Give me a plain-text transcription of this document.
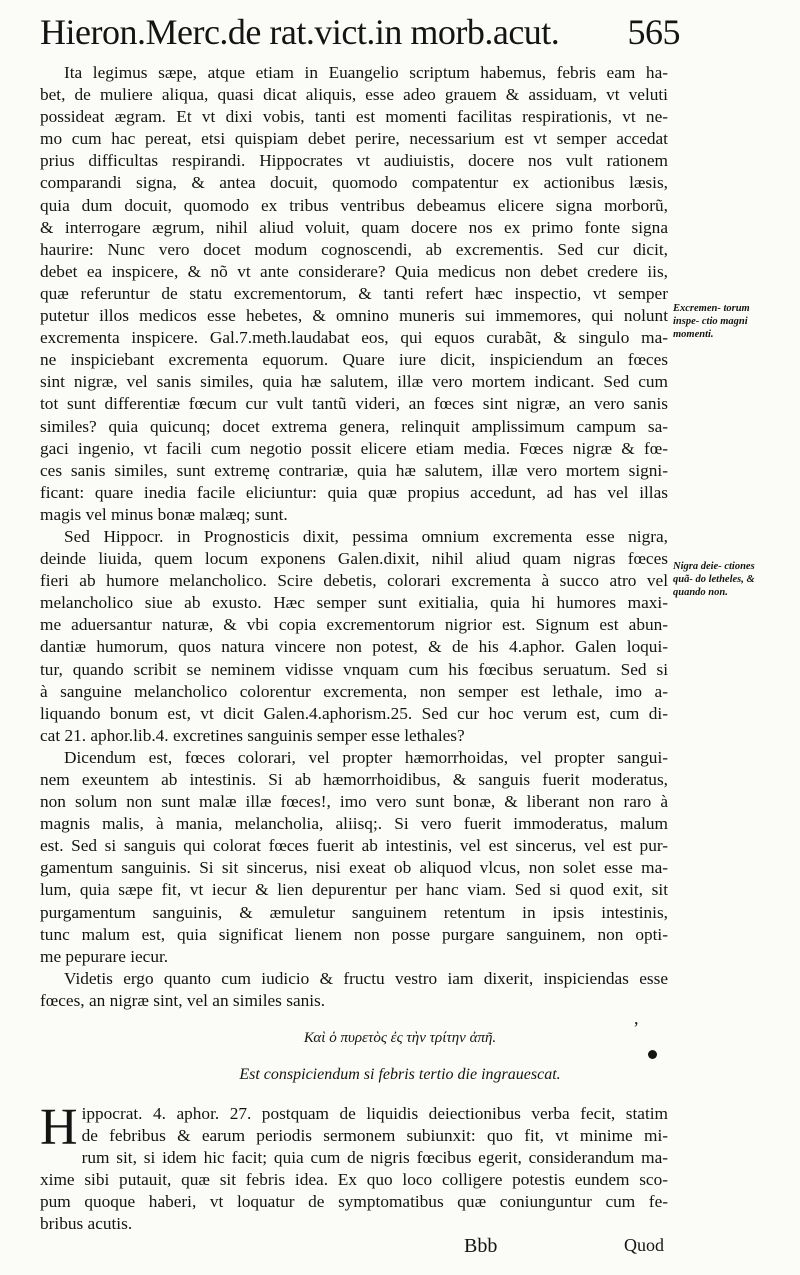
Hieron.Merc.de rat.vict.in morb.acut. 565
Ita legimus sæpe, atque etiam in Euangelio scriptum habemus, febris eam ha-
bet, de muliere aliqua, quasi dicat aliquis, esse adeo grauem & assiduam, vt veluti
possideat ægram. Et vt dixi vobis, tanti est momenti facilitas respirationis, vt ne-
mo cum hac pereat, etsi quispiam debet perire, necessarium est vt semper accedat
prius difficultas respirandi. Hippocrates vt audiuistis, docere nos vult rationem
comparandi signa, & antea docuit, quomodo compatentur ex actionibus læsis,
quia dum docuit, quomodo ex tribus ventribus debeamus elicere signa morborũ,
& interrogare ægrum, nihil aliud voluit, quam docere nos ex primo fonte signa
haurire: Nunc vero docet modum cognoscendi, ab excrementis. Sed cur dicit,
debet ea inspicere, & nõ vt ante considerare? Quia medicus non debet credere iis,
quæ referuntur de statu excrementorum, & tanti refert hæc inspectio, vt semper
putetur illos medicos esse hebetes, & omnino muneris sui immemores, qui nolunt
excrementa inspicere. Gal.7.meth.laudabat eos, qui equos curabãt, & singulo ma-
ne inspiciebant excrementa equorum. Quare iure dicit, inspiciendum an fœces
sint nigræ, vel sanis similes, quia hæ salutem, illæ vero mortem indicant. Sed cum
tot sunt differentiæ fœcum cur vult tantũ videri, an fœces sint nigræ, an vero sanis
similes? quia quicunq; docet extrema genera, relinquit amplissimum campum sa-
gaci ingenio, vt facili cum negotio possit elicere etiam media. Fœces nigræ & fœ-
ces sanis similes, sunt extremę contrariæ, quia hæ salutem, illæ vero mortem signi-
ficant: quare inedia facile eliciuntur: quia quæ propius accedunt, ad has vel illas
magis vel minus bonæ malæq; sunt.
Sed Hippocr. in Prognosticis dixit, pessima omnium excrementa esse nigra,
deinde liuida, quem locum exponens Galen.dixit, nihil aliud quam nigras fœces
fieri ab humore melancholico. Scire debetis, colorari excrementa à succo atro vel
melancholico siue ab exusto. Hæc semper sunt exitialia, quia hi humores maxi-
me aduersantur naturæ, & vbi copia excrementorum nigrior est. Signum est abun-
dantiæ humorum, quos natura vincere non potest, & de his 4.aphor. Galen loqui-
tur, quando scribit se neminem vidisse vnquam cum his fœcibus seruatum. Sed si
à sanguine melancholico colorentur excrementa, non semper est lethale, imo a-
liquando bonum est, vt dicit Galen.4.aphorism.25. Sed cur hoc verum est, cum di-
cat 21. aphor.lib.4. excretines sanguinis semper esse lethales?
Dicendum est, fœces colorari, vel propter hæmorrhoidas, vel propter sangui-
nem exeuntem ab intestinis. Si ab hæmorrhoidibus, & sanguis fuerit moderatus,
non solum non sunt malæ illæ fœces!, imo vero sunt bonæ, & liberant non raro à
magnis malis, à mania, melancholia, aliisq;. Si vero fuerit immoderatus, malum
est. Sed si sanguis qui colorat fœces fuerit ab intestinis, vel est sincerus, vel est pur-
gamentum sanguinis. Si sit sincerus, nisi exeat ob aliquod vlcus, non solet esse ma-
lum, quia sæpe fit, vt iecur & lien depurentur per hanc viam. Sed si quod exit, sit
purgamentum sanguinis, & æmuletur sanguinem retentum in ipsis intestinis,
tunc malum est, quia significat lienem non posse purgare sanguinem, non opti-
me pepurare iecur.
Videtis ergo quanto cum iudicio & fructu vestro iam dixerit, inspiciendas esse
fœces, an nigræ sint, vel an similes sanis.
Excremen- torum inspe- ctio magni momenti.
Nigra deie- ctiones quã- do letheles, & quando non.
,
Καὶ ὁ πυρετὸς ἐς τὴν τρίτην ἀπῆ.
Est conspiciendum si febris tertio die ingrauescat.
H ippocrat. 4. aphor. 27. postquam de liquidis deiectionibus verba fecit, statim
de febribus & earum periodis sermonem subiunxit: quo fit, vt minime mi-
rum sit, si idem hic facit; quia cum de nigris fœcibus egerit, considerandum ma-
xime sibi putauit, quæ sit febris idea. Ex quo loco colligere potestis eundem sco-
pum quoque haberi, vt loquatur de symptomatibus quæ coniunguntur cum fe-
bribus acutis.
Bbb	Quod
